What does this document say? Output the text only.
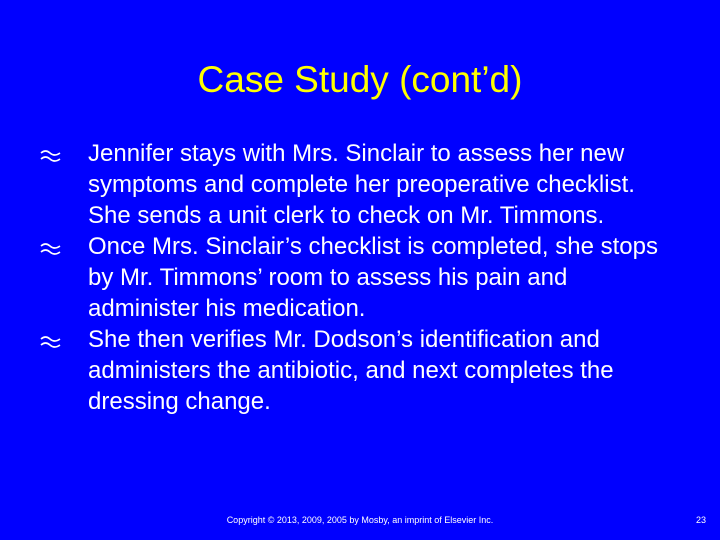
Case Study (cont’d)
Jennifer stays with Mrs. Sinclair to assess her new symptoms and complete her preoperative checklist. She sends a unit clerk to check on Mr. Timmons.
Once Mrs. Sinclair’s checklist is completed, she stops by Mr. Timmons’ room to assess his pain and administer his medication.
She then verifies Mr. Dodson’s identification and administers the antibiotic, and next completes the dressing change.
Copyright © 2013, 2009, 2005 by Mosby, an imprint of Elsevier Inc.	23
